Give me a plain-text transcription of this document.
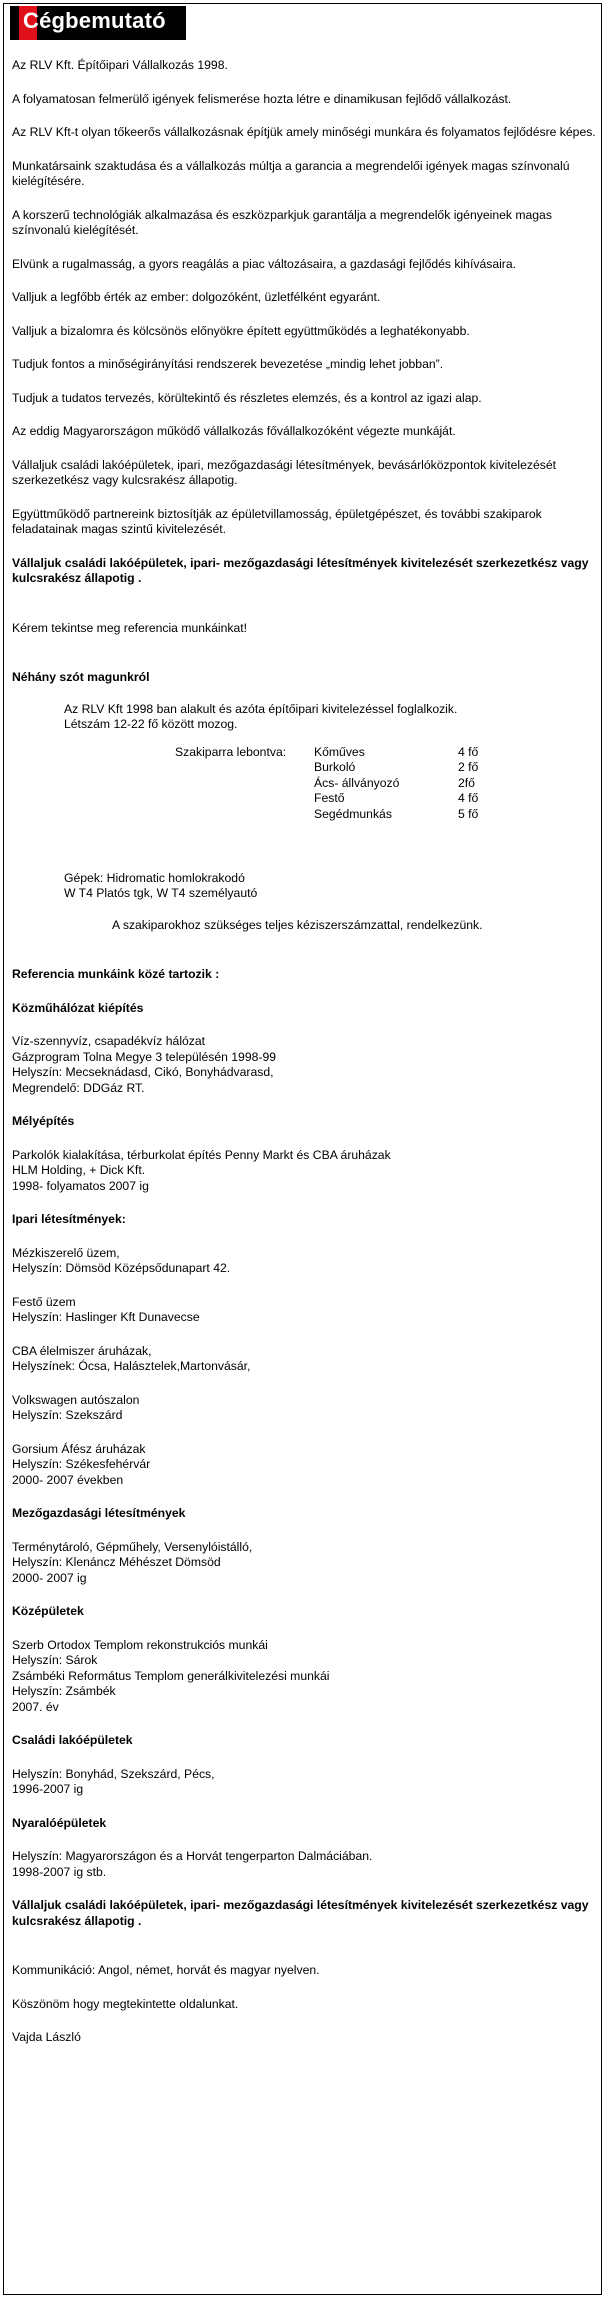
Cégbemutató
Az RLV Kft. Építőipari Vállalkozás 1998.
A folyamatosan felmerülő igények felismerése hozta létre e dinamikusan fejlődő vállalkozást.
Az RLV Kft-t olyan tőkeerős vállalkozásnak építjük amely minőségi munkára és folyamatos fejlődésre képes.
Munkatársaink szaktudása és a vállalkozás múltja a garancia a megrendelői igények magas színvonalú kielégítésére.
A korszerű technológiák alkalmazása és eszközparkjuk garantálja a megrendelők igényeinek magas színvonalú kielégítését.
Elvünk a rugalmasság, a gyors reagálás a piac változásaira, a gazdasági fejlődés kihívásaira.
Valljuk a legfőbb érték az ember: dolgozóként, üzletfélként egyaránt.
Valljuk a bizalomra és kölcsönös előnyökre épített együttműködés a leghatékonyabb.
Tudjuk fontos a minőségirányítási rendszerek bevezetése „mindig lehet jobban”.
Tudjuk a tudatos tervezés, körültekintő és részletes elemzés, és a kontrol az igazi alap.
Az eddig Magyarországon működő vállalkozás fővállalkozóként végezte munkáját.
Vállaljuk családi lakóépületek, ipari, mezőgazdasági létesítmények, bevásárlóközpontok kivitelezését szerkezetkész vagy kulcsrakész állapotig.
Együttműködő partnereink biztosítják az épületvillamosság, épületgépészet, és további szakiparok feladatainak magas szintű kivitelezését.
Vállaljuk családi lakóépületek, ipari- mezőgazdasági létesítmények kivitelezését szerkezetkész vagy kulcsrakész állapotig .
Kérem tekintse meg referencia munkáinkat!
Néhány szót magunkról
Az RLV Kft 1998 ban alakult és azóta építőipari kivitelezéssel foglalkozik.
Létszám 12-22 fő között mozog.
Szakiparra lebontva: Kőműves	4 fő
Burkoló	2 fő
Ács- állványozó	2fő
Festő	4 fő
Segédmunkás	5 fő
Gépek: Hidromatic homlokrakodó
W T4 Platós tgk, W T4 személyautó
A szakiparokhoz szükséges teljes kéziszerszámzattal, rendelkezünk.
Referencia munkáink közé tartozik :
Közműhálózat kiépítés
Víz-szennyvíz, csapadékvíz hálózat
Gázprogram Tolna Megye 3 településén 1998-99
Helyszín: Mecseknádasd, Cikó, Bonyhádvarasd,
Megrendelő: DDGáz RT.
Mélyépítés
Parkolók kialakítása, térburkolat építés Penny Markt és CBA áruházak
HLM Holding, + Dick Kft.
1998- folyamatos 2007 ig
Ipari létesítmények:
Mézkiszerelő üzem,
Helyszín: Dömsöd Középsődunapart 42.
Festő üzem
Helyszín: Haslinger Kft Dunavecse
CBA élelmiszer áruházak,
Helyszínek: Ócsa, Halásztelek,Martonvásár,
Volkswagen autószalon
Helyszín: Szekszárd
Gorsium Áfész áruházak
Helyszín: Székesfehérvár
2000- 2007 években
Mezőgazdasági létesítmények
Terménytároló, Gépműhely, Versenylóistálló,
Helyszín: Klenáncz Méhészet Dömsöd
2000- 2007 ig
Középületek
Szerb Ortodox Templom rekonstrukciós munkái
Helyszín: Sárok
Zsámbéki Református Templom generálkivitelezési munkái
Helyszín: Zsámbék
2007. év
Családi lakóépületek
Helyszín: Bonyhád, Szekszárd, Pécs,
1996-2007 ig
Nyaralóépületek
Helyszín: Magyarországon és a Horvát tengerparton Dalmáciában.
1998-2007 ig stb.
Vállaljuk családi lakóépületek, ipari- mezőgazdasági létesítmények kivitelezését szerkezetkész vagy kulcsrakész állapotig .
Kommunikáció: Angol, német, horvát és magyar nyelven.
Köszönöm hogy megtekintette oldalunkat.
Vajda László
